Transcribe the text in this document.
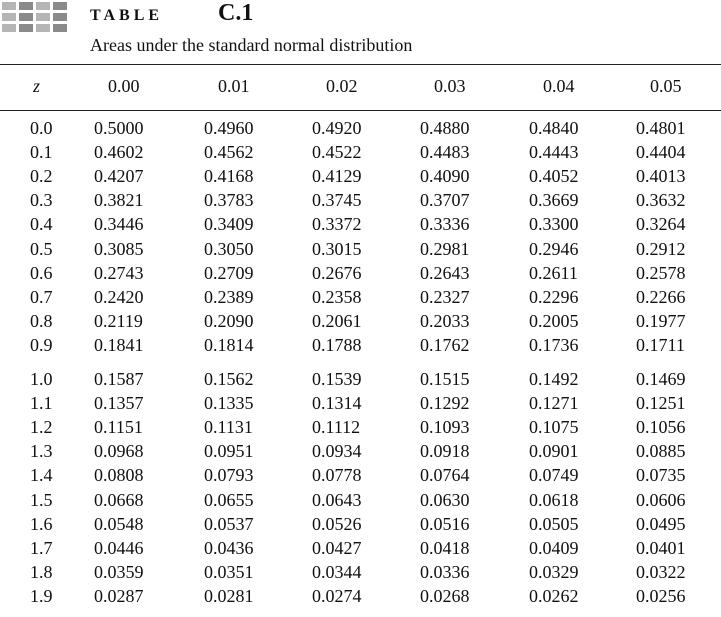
TABLE C.1
Areas under the standard normal distribution
z	0.00	0.01	0.02	0.03	0.04	0.05
0.0 0.5000	0.4960	0.4920	0.4880	0.4840	0.4801
0.1 0.4602	0.4562	0.4522	0.4483	0.4443	0.4404
0.2 0.4207	0.4168	0.4129	0.4090	0.4052	0.4013
0.3 0.3821	0.3783	0.3745	0.3707	0.3669	0.3632
0.4 0.3446	0.3409	0.3372	0.3336	0.3300	0.3264
0.5 0.3085	0.3050	0.3015	0.2981	0.2946	0.2912
0.6 0.2743	0.2709	0.2676	0.2643	0.2611	0.2578
0.7 0.2420	0.2389	0.2358	0.2327	0.2296	0.2266
0.8 0.2119	0.2090	0.2061	0.2033	0.2005	0.1977
0.9 0.1841	0.1814	0.1788	0.1762	0.1736	0.1711
1.0 0.1587	0.1562	0.1539	0.1515	0.1492	0.1469
1.1 0.1357	0.1335	0.1314	0.1292	0.1271	0.1251
1.2 0.1151	0.1131	0.1112	0.1093	0.1075	0.1056
1.3 0.0968	0.0951	0.0934	0.0918	0.0901	0.0885
1.4 0.0808	0.0793	0.0778	0.0764	0.0749	0.0735
1.5 0.0668	0.0655	0.0643	0.0630	0.0618	0.0606
1.6 0.0548	0.0537	0.0526	0.0516	0.0505	0.0495
1.7 0.0446	0.0436	0.0427	0.0418	0.0409	0.0401
1.8 0.0359	0.0351	0.0344	0.0336	0.0329	0.0322
1.9 0.0287	0.0281	0.0274	0.0268	0.0262	0.0256
